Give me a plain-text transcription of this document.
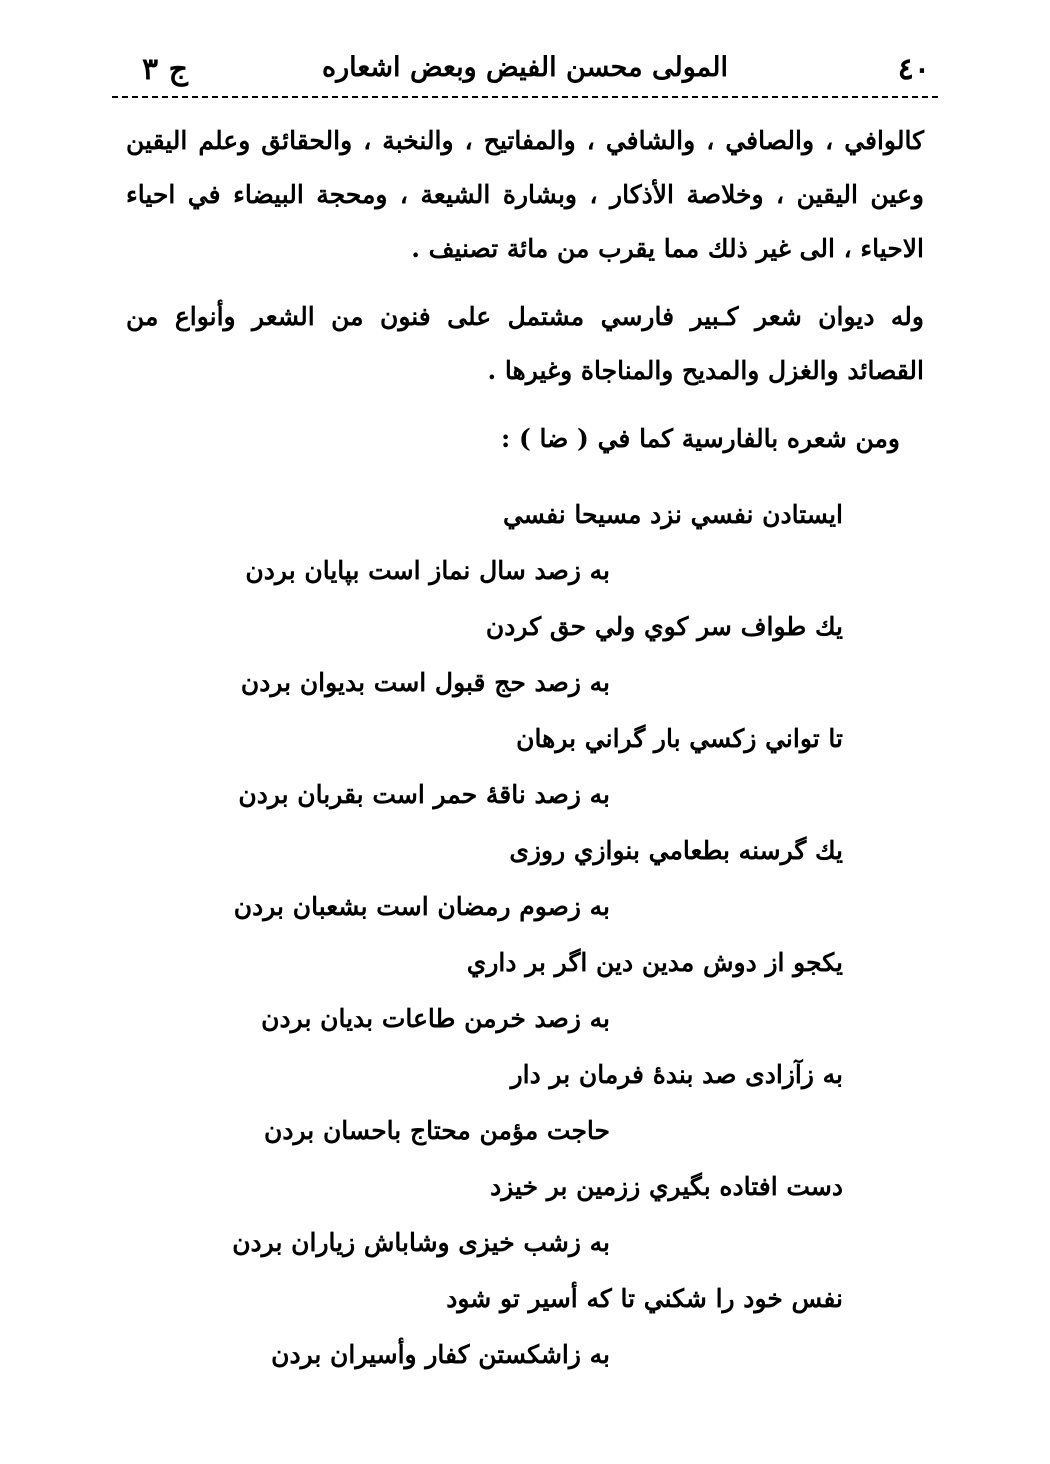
٤٠
المولى محسن الفيض وبعض اشعاره
ج ٣
كالوافي ، والصافي ، والشافي ، والمفاتيح ، والنخبة ، والحقائق وعلم اليقين وعين اليقين ، وخلاصة الأذكار ، وبشارة الشيعة ، ومحجة البيضاء في احياء الاحياء ، الى غير ذلك مما يقرب من مائة تصنيف .
وله ديوان شعر كـبير فارسي مشتمل على فنون من الشعر وأنواع من القصائد والغزل والمديح والمناجاة وغيرها .
ومن شعره بالفارسية كما في ( ضا ) :
ايستادن نفسي نزد مسيحا نفسي
به زصد سال نماز است بپايان بردن
يك طواف سر كوي ولي حق كردن
به زصد حج قبول است بديوان بردن
تا تواني زكسي بار گراني برهان
به زصد ناقهٔ حمر است بقربان بردن
يك گرسنه بطعامي بنوازي روزى
به زصوم رمضان است بشعبان بردن
يكجو از دوش مدين دين اگر بر داري
به زصد خرمن طاعات بديان بردن
به زآزادى صد بندهٔ فرمان بر دار
حاجت مؤمن محتاج باحسان بردن
دست افتاده بگيري ززمين بر خيزد
به زشب خيزى وشاباش زياران بردن
نفس خود را شكني تا كه أسير تو شود
به زاشكستن كفار وأسيران بردن
